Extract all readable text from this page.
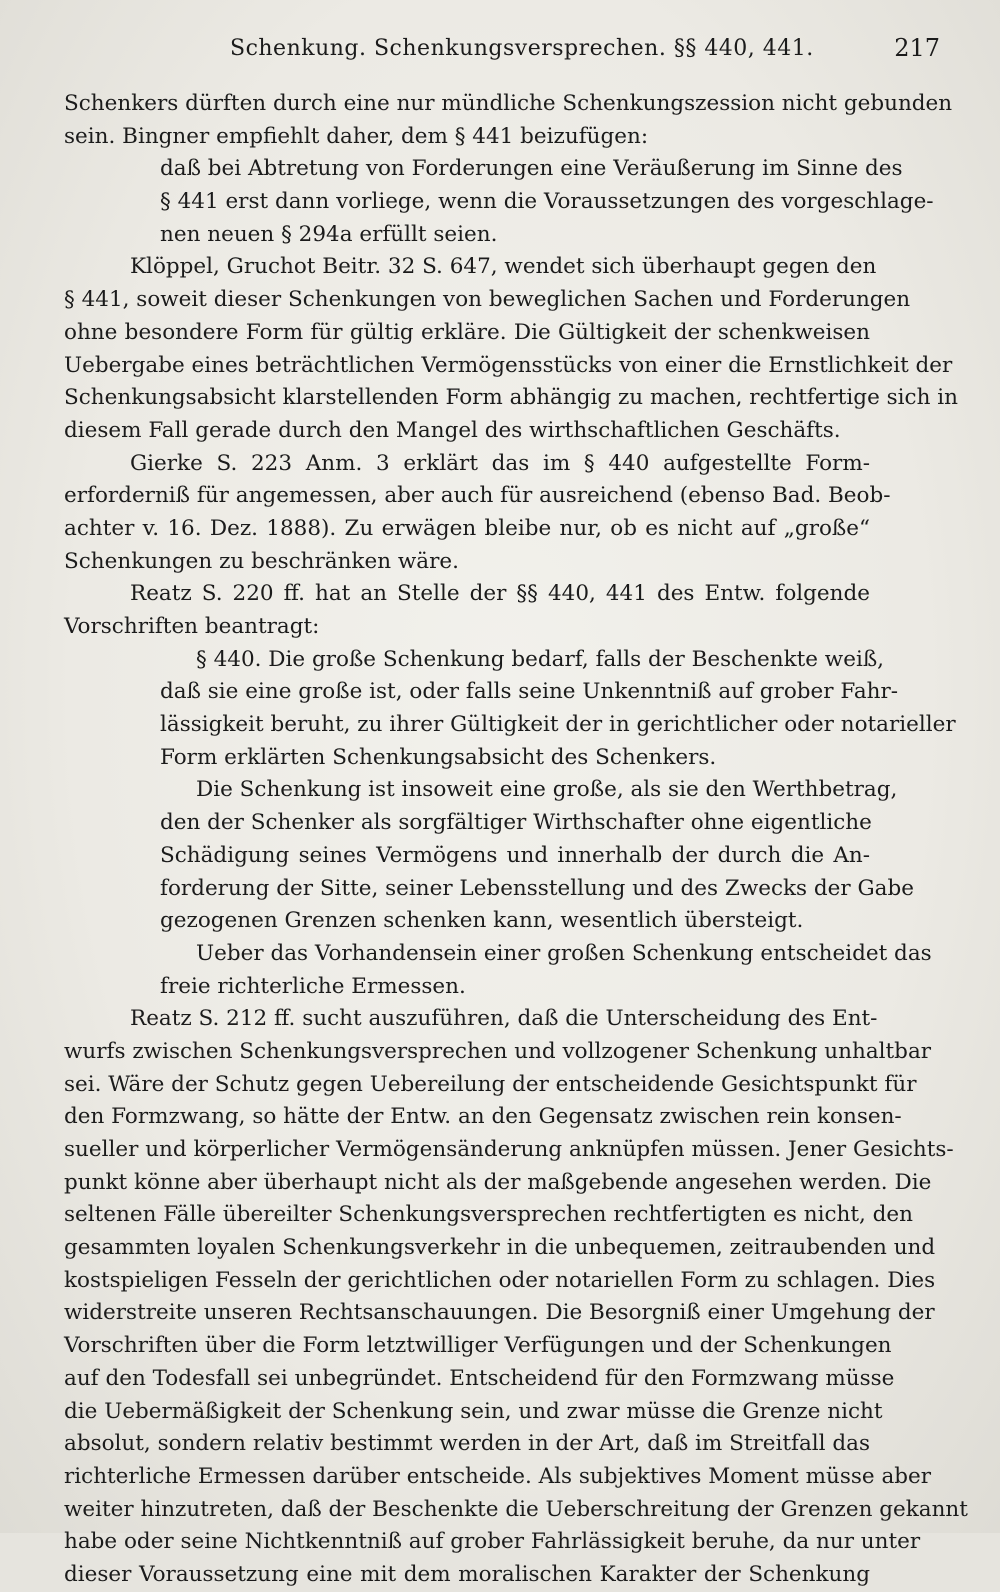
Schenkung. Schenkungsversprechen. §§ 440, 441.	217
Schenkers dürften durch eine nur mündliche Schenkungszession nicht gebunden
sein. Bingner empfiehlt daher, dem § 441 beizufügen:
daß bei Abtretung von Forderungen eine Veräußerung im Sinne des
§ 441 erst dann vorliege, wenn die Voraussetzungen des vorgeschlage-
nen neuen § 294a erfüllt seien.
Klöppel, Gruchot Beitr. 32 S. 647, wendet sich überhaupt gegen den
§ 441, soweit dieser Schenkungen von beweglichen Sachen und Forderungen
ohne besondere Form für gültig erkläre. Die Gültigkeit der schenkweisen
Uebergabe eines beträchtlichen Vermögensstücks von einer die Ernstlichkeit der
Schenkungsabsicht klarstellenden Form abhängig zu machen, rechtfertige sich in
diesem Fall gerade durch den Mangel des wirthschaftlichen Geschäfts.
Gierke S. 223 Anm. 3 erklärt das im § 440 aufgestellte Form-
erforderniß für angemessen, aber auch für ausreichend (ebenso Bad. Beob-
achter v. 16. Dez. 1888). Zu erwägen bleibe nur, ob es nicht auf „große“
Schenkungen zu beschränken wäre.
Reatz S. 220 ff. hat an Stelle der §§ 440, 441 des Entw. folgende
Vorschriften beantragt:
§ 440. Die große Schenkung bedarf, falls der Beschenkte weiß,
daß sie eine große ist, oder falls seine Unkenntniß auf grober Fahr-
lässigkeit beruht, zu ihrer Gültigkeit der in gerichtlicher oder notarieller
Form erklärten Schenkungsabsicht des Schenkers.
Die Schenkung ist insoweit eine große, als sie den Werthbetrag,
den der Schenker als sorgfältiger Wirthschafter ohne eigentliche
Schädigung seines Vermögens und innerhalb der durch die An-
forderung der Sitte, seiner Lebensstellung und des Zwecks der Gabe
gezogenen Grenzen schenken kann, wesentlich übersteigt.
Ueber das Vorhandensein einer großen Schenkung entscheidet das
freie richterliche Ermessen.
Reatz S. 212 ff. sucht auszuführen, daß die Unterscheidung des Ent-
wurfs zwischen Schenkungsversprechen und vollzogener Schenkung unhaltbar
sei. Wäre der Schutz gegen Uebereilung der entscheidende Gesichtspunkt für
den Formzwang, so hätte der Entw. an den Gegensatz zwischen rein konsen-
sueller und körperlicher Vermögensänderung anknüpfen müssen. Jener Gesichts-
punkt könne aber überhaupt nicht als der maßgebende angesehen werden. Die
seltenen Fälle übereilter Schenkungsversprechen rechtfertigten es nicht, den
gesammten loyalen Schenkungsverkehr in die unbequemen, zeitraubenden und
kostspieligen Fesseln der gerichtlichen oder notariellen Form zu schlagen. Dies
widerstreite unseren Rechtsanschauungen. Die Besorgniß einer Umgehung der
Vorschriften über die Form letztwilliger Verfügungen und der Schenkungen
auf den Todesfall sei unbegründet. Entscheidend für den Formzwang müsse
die Uebermäßigkeit der Schenkung sein, und zwar müsse die Grenze nicht
absolut, sondern relativ bestimmt werden in der Art, daß im Streitfall das
richterliche Ermessen darüber entscheide. Als subjektives Moment müsse aber
weiter hinzutreten, daß der Beschenkte die Ueberschreitung der Grenzen gekannt
habe oder seine Nichtkenntniß auf grober Fahrlässigkeit beruhe, da nur unter
dieser Voraussetzung eine mit dem moralischen Karakter der Schenkung
